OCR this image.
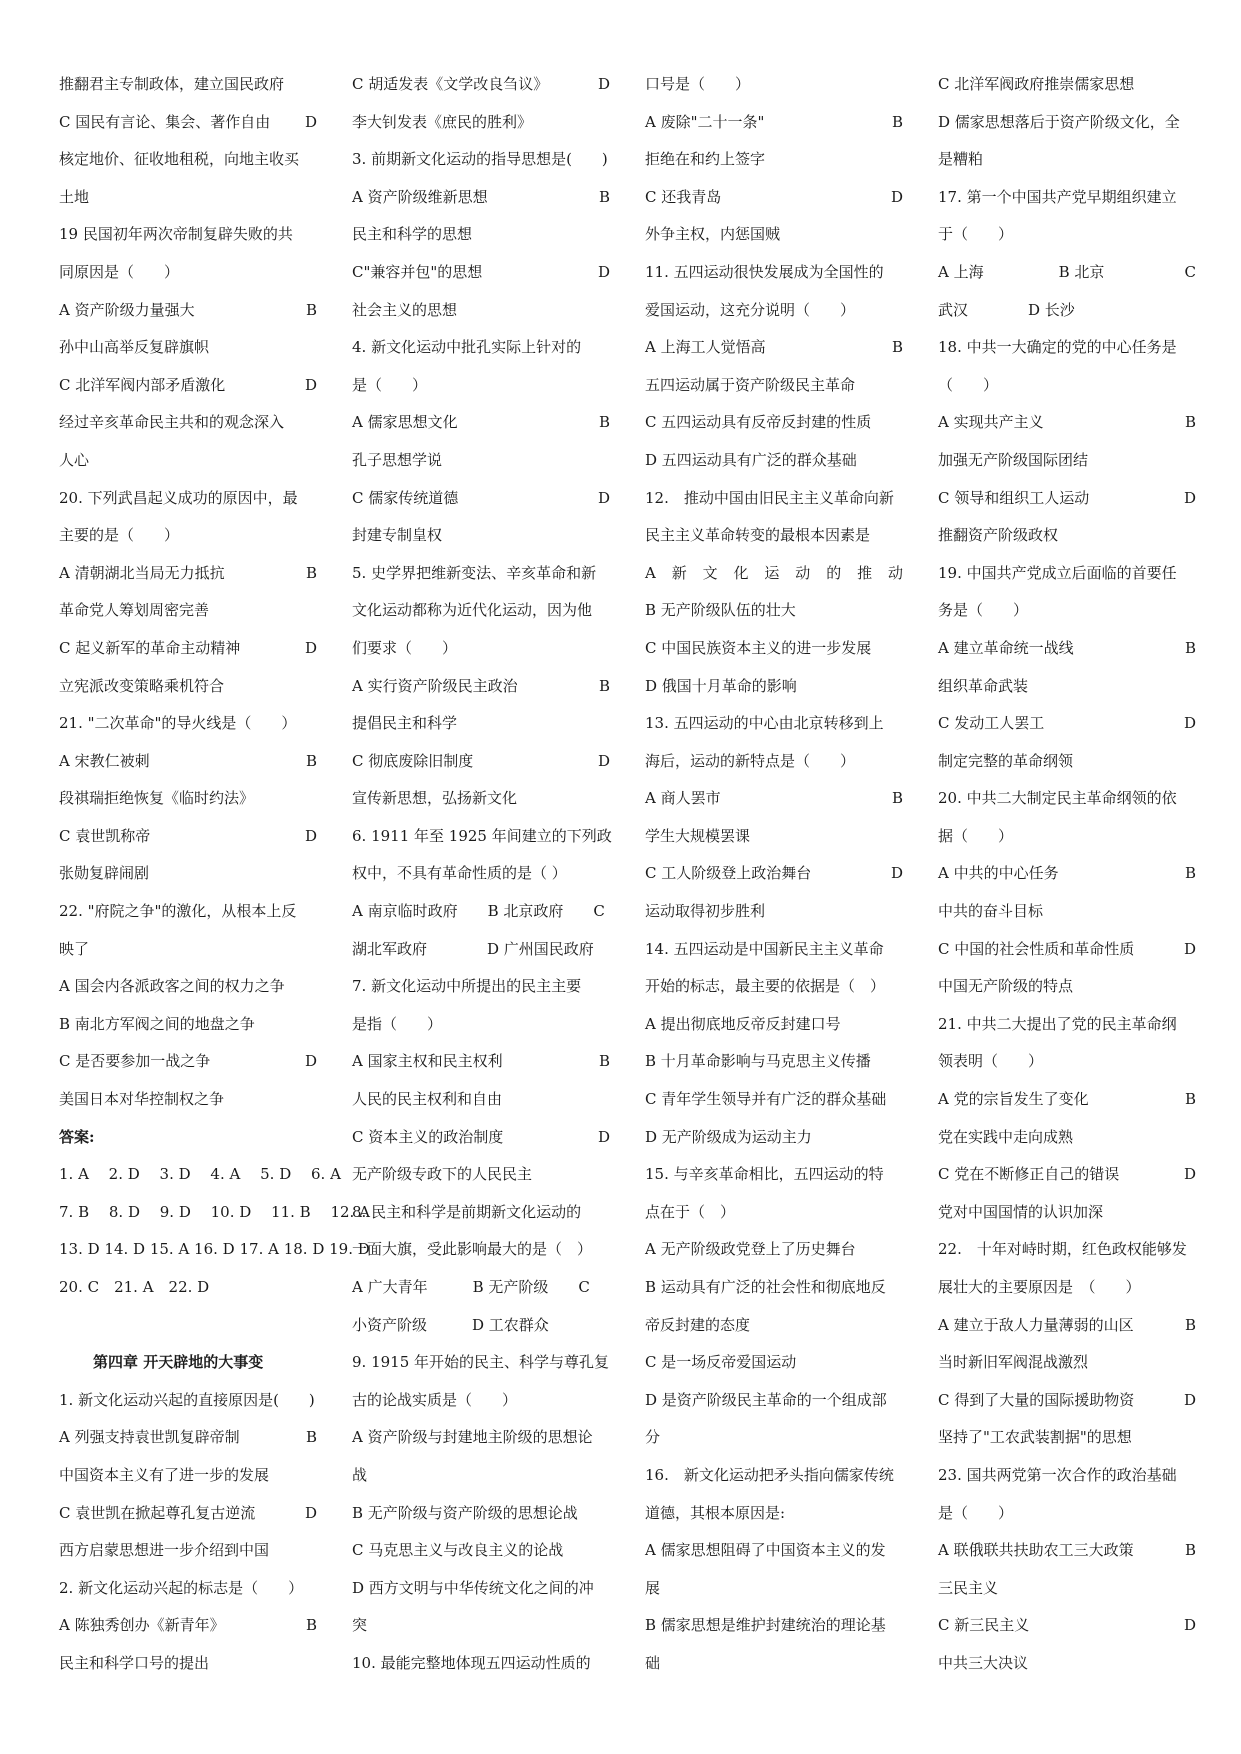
推翻君主专制政体，建立国民政府
C 国民有言论、集会、著作自由	D
核定地价、征收地租税，向地主收买
土地
19 民国初年两次帝制复辟失败的共
同原因是（　　）
A 资产阶级力量强大	B
孙中山高举反复辟旗帜
C 北洋军阀内部矛盾激化	D
经过辛亥革命民主共和的观念深入
人心
20. 下列武昌起义成功的原因中，最
主要的是（　　）
A 清朝湖北当局无力抵抗	B
革命党人筹划周密完善
C 起义新军的革命主动精神	D
立宪派改变策略乘机符合
21. "二次革命"的导火线是（　　）
A 宋教仁被刺	B
段祺瑞拒绝恢复《临时约法》
C 袁世凯称帝	D
张勋复辟闹剧
22. "府院之争"的激化，从根本上反
映了
A 国会内各派政客之间的权力之争
B 南北方军阀之间的地盘之争
C 是否要参加一战之争	D
美国日本对华控制权之争
答案:
1. A　 2. D　 3. D　 4. A　 5. D　 6. A
7. B　 8. D　 9. D　 10. D　 11. B　 12. A
13. D 14. D 15. A 16. D 17. A 18. D 19. D
20. C　21. A　22. D
第四章 开天辟地的大事变
1. 新文化运动兴起的直接原因是(　　)
A 列强支持袁世凯复辟帝制	B
中国资本主义有了进一步的发展
C 袁世凯在掀起尊孔复古逆流	D
西方启蒙思想进一步介绍到中国
2. 新文化运动兴起的标志是（　　）
A 陈独秀创办《新青年》	B
民主和科学口号的提出
C 胡适发表《文学改良刍议》	D
李大钊发表《庶民的胜利》
3. 前期新文化运动的指导思想是(　　)
A 资产阶级维新思想	B
民主和科学的思想
C"兼容并包"的思想	D
社会主义的思想
4. 新文化运动中批孔实际上针对的
是（　　）
A 儒家思想文化	B
孔子思想学说
C 儒家传统道德	D
封建专制皇权
5. 史学界把维新变法、辛亥革命和新
文化运动都称为近代化运动，因为他
们要求（　　）
A 实行资产阶级民主政治	B
提倡民主和科学
C 彻底废除旧制度	D
宣传新思想，弘扬新文化
6. 1911 年至 1925 年间建立的下列政
权中，不具有革命性质的是（ ）
A 南京临时政府　　B 北京政府　　C
湖北军政府　　　　D 广州国民政府
7. 新文化运动中所提出的民主主要
是指（　　）
A 国家主权和民主权利	B
人民的民主权利和自由
C 资本主义的政治制度	D
无产阶级专政下的人民民主
8. 民主和科学是前期新文化运动的
一面大旗，受此影响最大的是（　）
A 广大青年　　　B 无产阶级　　C
小资产阶级　　　D 工农群众
9. 1915 年开始的民主、科学与尊孔复
古的论战实质是（　　）
A 资产阶级与封建地主阶级的思想论
战
B 无产阶级与资产阶级的思想论战
C 马克思主义与改良主义的论战
D 西方文明与中华传统文化之间的冲
突
10. 最能完整地体现五四运动性质的
口号是（　　）
A 废除"二十一条"	B
拒绝在和约上签字
C 还我青岛	D
外争主权，内惩国贼
11. 五四运动很快发展成为全国性的
爱国运动，这充分说明（　　）
A 上海工人觉悟高	B
五四运动属于资产阶级民主革命
C 五四运动具有反帝反封建的性质
D 五四运动具有广泛的群众基础
12.　推动中国由旧民主主义革命向新
民主主义革命转变的最根本因素是
A　新　文　化　运　动　的　推　动
B 无产阶级队伍的壮大
C 中国民族资本主义的进一步发展
D 俄国十月革命的影响
13. 五四运动的中心由北京转移到上
海后，运动的新特点是（　　）
A 商人罢市	B
学生大规模罢课
C 工人阶级登上政治舞台	D
运动取得初步胜利
14. 五四运动是中国新民主主义革命
开始的标志，最主要的依据是（　）
A 提出彻底地反帝反封建口号
B 十月革命影响与马克思主义传播
C 青年学生领导并有广泛的群众基础
D 无产阶级成为运动主力
15. 与辛亥革命相比，五四运动的特
点在于（　）
A 无产阶级政党登上了历史舞台
B 运动具有广泛的社会性和彻底地反
帝反封建的态度
C 是一场反帝爱国运动
D 是资产阶级民主革命的一个组成部
分
16.　新文化运动把矛头指向儒家传统
道德，其根本原因是:
A 儒家思想阻碍了中国资本主义的发
展
B 儒家思想是维护封建统治的理论基
础
C 北洋军阀政府推崇儒家思想
D 儒家思想落后于资产阶级文化，全
是糟粕
17. 第一个中国共产党早期组织建立
于（　　）
A 上海　　　　　B 北京	C
武汉　　　　D 长沙
18. 中共一大确定的党的中心任务是
（　　）
A 实现共产主义	B
加强无产阶级国际团结
C 领导和组织工人运动	D
推翻资产阶级政权
19. 中国共产党成立后面临的首要任
务是（　　）
A 建立革命统一战线	B
组织革命武装
C 发动工人罢工	D
制定完整的革命纲领
20. 中共二大制定民主革命纲领的依
据（　　）
A 中共的中心任务	B
中共的奋斗目标
C 中国的社会性质和革命性质	D
中国无产阶级的特点
21. 中共二大提出了党的民主革命纲
领表明（　　）
A 党的宗旨发生了变化	B
党在实践中走向成熟
C 党在不断修正自己的错误	D
党对中国国情的认识加深
22.　十年对峙时期，红色政权能够发
展壮大的主要原因是　（　　）
A 建立于敌人力量薄弱的山区	B
当时新旧军阀混战激烈
C 得到了大量的国际援助物资	D
坚持了"工农武装割据"的思想
23. 国共两党第一次合作的政治基础
是（　　）
A 联俄联共扶助农工三大政策	B
三民主义
C 新三民主义	D
中共三大决议
